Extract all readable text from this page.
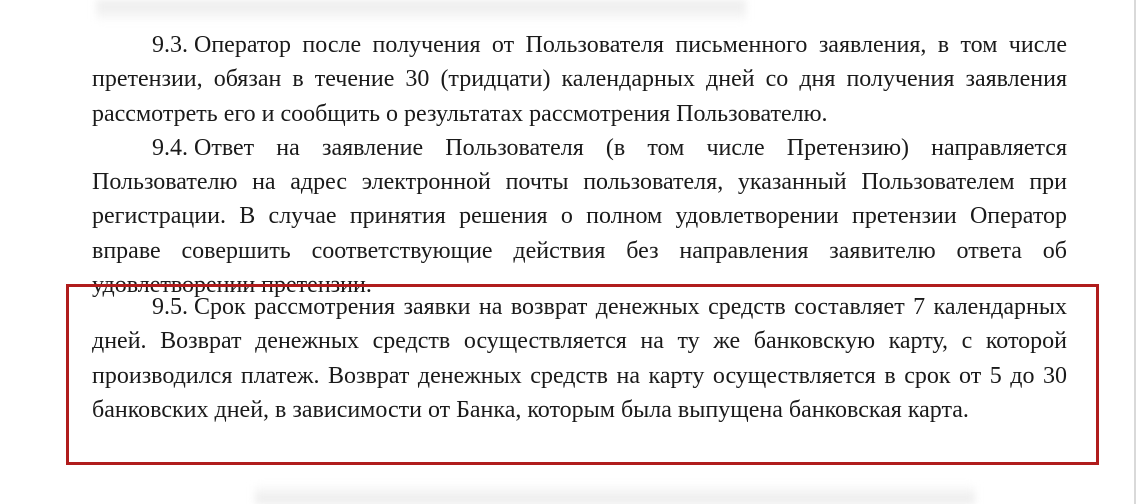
9.3. Оператор после получения от Пользователя письменного заявления, в том числе претензии, обязан в течение 30 (тридцати) календарных дней со дня получения заявления рассмотреть его и сообщить о результатах рассмотрения Пользователю.

9.4. Ответ на заявление Пользователя (в том числе Претензию) направляется Пользователю на адрес электронной почты пользователя, указанный Пользователем при регистрации. В случае принятия решения о полном удовлетворении претензии Оператор вправе совершить соответствующие действия без направления заявителю ответа об удовлетворении претензии.

9.5. Срок рассмотрения заявки на возврат денежных средств составляет 7 календарных дней. Возврат денежных средств осуществляется на ту же банковскую карту, с которой производился платеж. Возврат денежных средств на карту осуществляется в срок от 5 до 30 банковских дней, в зависимости от Банка, которым была выпущена банковская карта.
